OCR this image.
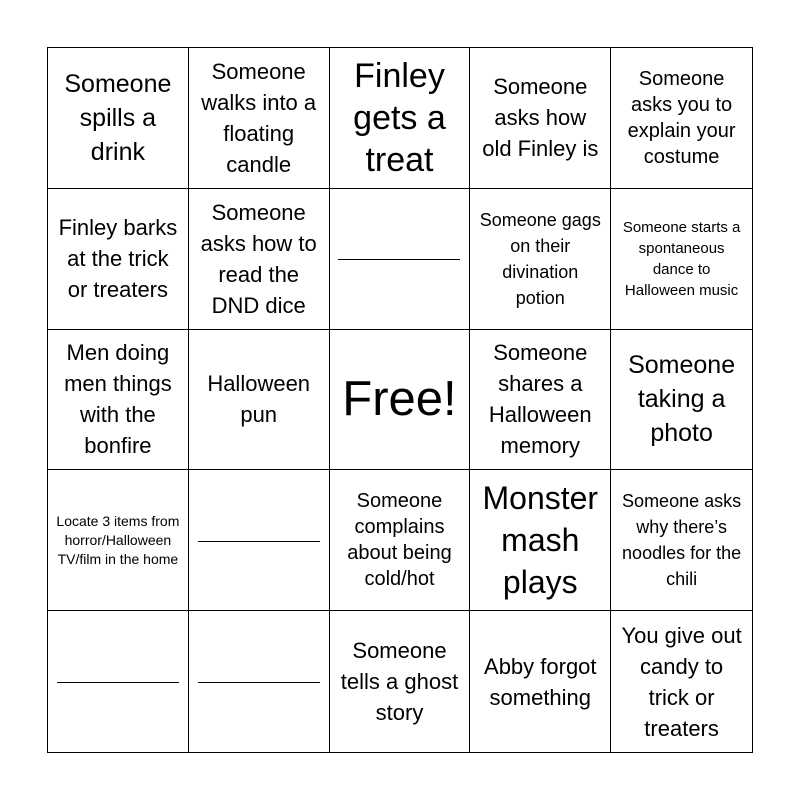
Someone spills a drink
Someone walks into a floating candle
Finley gets a treat
Someone asks how old Finley is
Someone asks you to explain your costume
Finley barks at the trick or treaters
Someone asks how to read the DND dice
Someone gags on their divination potion
Someone starts a spontaneous dance to Halloween music
Men doing men things with the bonfire
Halloween pun	Free!
Someone shares a Halloween memory
Someone taking a photo
Locate 3 items from horror/Halloween TV/film in the home
Someone complains about being cold/hot
Monster mash plays
Someone asks why there’s noodles for the chili
Someone tells a ghost story
Abby forgot something
You give out candy to trick or treaters
